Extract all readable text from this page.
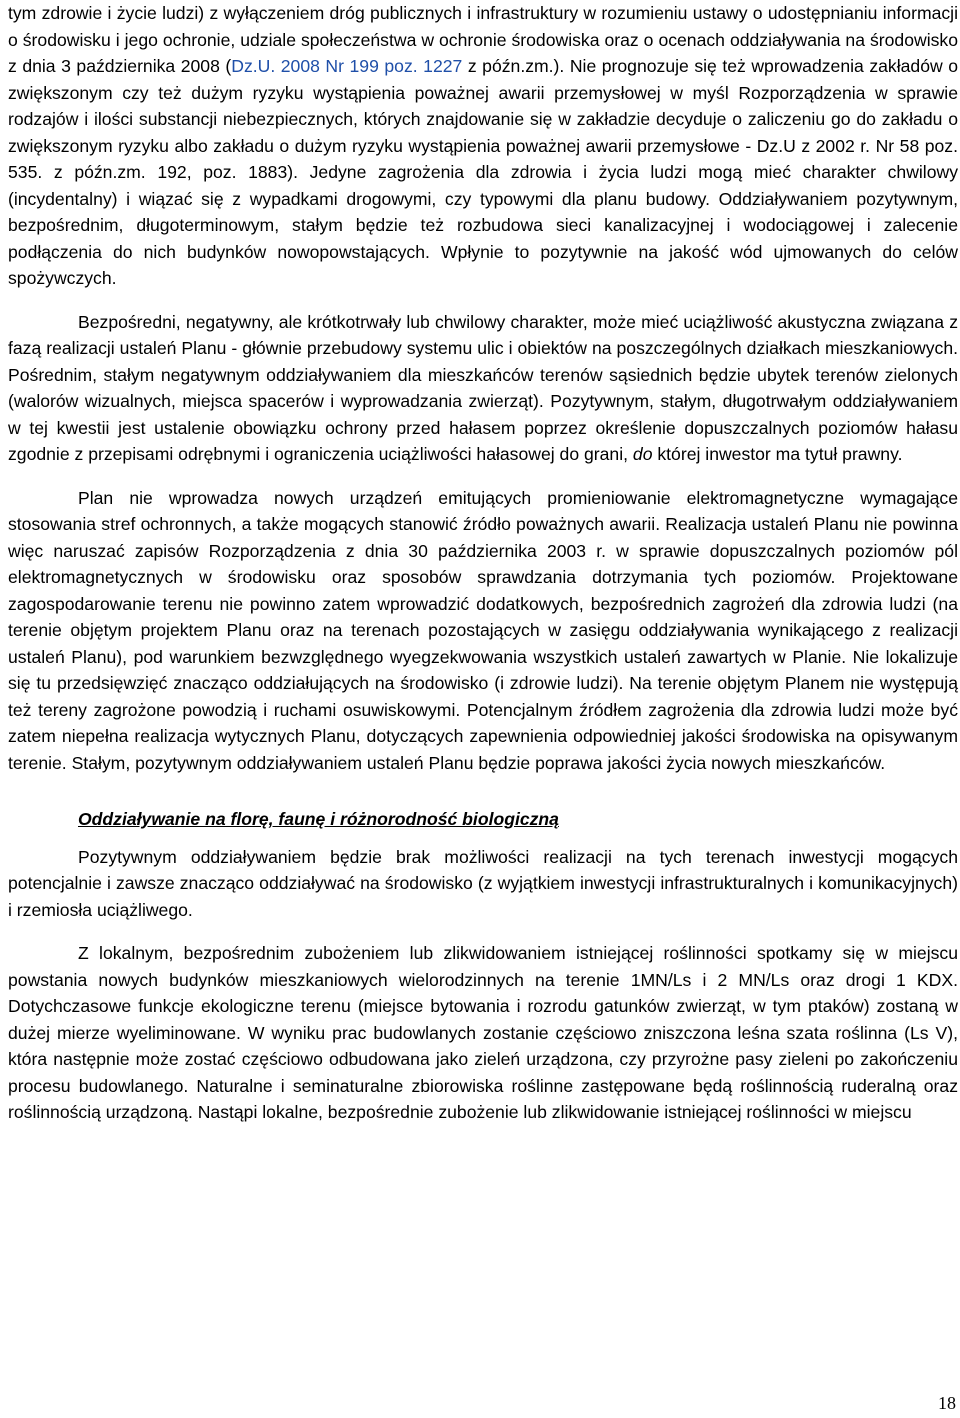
tym zdrowie i życie ludzi) z wyłączeniem dróg publicznych i infrastruktury w rozumieniu ustawy o udostępnianiu informacji o środowisku i jego ochronie, udziale społeczeństwa w ochronie środowiska oraz o ocenach oddziaływania na środowisko z dnia 3 października 2008 (Dz.U. 2008 Nr 199 poz. 1227 z późn.zm.). Nie prognozuje się też wprowadzenia zakładów o zwiększonym czy też dużym ryzyku wystąpienia poważnej awarii przemysłowej w myśl Rozporządzenia w sprawie rodzajów i ilości substancji niebezpiecznych, których znajdowanie się w zakładzie decyduje o zaliczeniu go do zakładu o zwiększonym ryzyku albo zakładu o dużym ryzyku wystąpienia poważnej awarii przemysłowe - Dz.U z 2002 r. Nr 58 poz. 535. z późn.zm. 192, poz. 1883). Jedyne zagrożenia dla zdrowia i życia ludzi mogą mieć charakter chwilowy (incydentalny) i wiązać się z wypadkami drogowymi, czy typowymi dla planu budowy. Oddziaływaniem pozytywnym, bezpośrednim, długoterminowym, stałym będzie też rozbudowa sieci kanalizacyjnej i wodociągowej i zalecenie podłączenia do nich budynków nowopowstających. Wpłynie to pozytywnie na jakość wód ujmowanych do celów spożywczych.

Bezpośredni, negatywny, ale krótkotrwały lub chwilowy charakter, może mieć uciążliwość akustyczna związana z fazą realizacji ustaleń Planu - głównie przebudowy systemu ulic i obiektów na poszczególnych działkach mieszkaniowych. Pośrednim, stałym negatywnym oddziaływaniem dla mieszkańców terenów sąsiednich będzie ubytek terenów zielonych (walorów wizualnych, miejsca spacerów i wyprowadzania zwierząt). Pozytywnym, stałym, długotrwałym oddziaływaniem w tej kwestii jest ustalenie obowiązku ochrony przed hałasem poprzez określenie dopuszczalnych poziomów hałasu zgodnie z przepisami odrębnymi i ograniczenia uciążliwości hałasowej do grani, do której inwestor ma tytuł prawny.

Plan nie wprowadza nowych urządzeń emitujących promieniowanie elektromagnetyczne wymagające stosowania stref ochronnych, a także mogących stanowić źródło poważnych awarii. Realizacja ustaleń Planu nie powinna więc naruszać zapisów Rozporządzenia z dnia 30 października 2003 r. w sprawie dopuszczalnych poziomów pól elektromagnetycznych w środowisku oraz sposobów sprawdzania dotrzymania tych poziomów. Projektowane zagospodarowanie terenu nie powinno zatem wprowadzić dodatkowych, bezpośrednich zagrożeń dla zdrowia ludzi (na terenie objętym projektem Planu oraz na terenach pozostających w zasięgu oddziaływania wynikającego z realizacji ustaleń Planu), pod warunkiem bezwzględnego wyegzekwowania wszystkich ustaleń zawartych w Planie. Nie lokalizuje się tu przedsięwzięć znacząco oddziałujących na środowisko (i zdrowie ludzi). Na terenie objętym Planem nie występują też tereny zagrożone powodzią i ruchami osuwiskowymi. Potencjalnym źródłem zagrożenia dla zdrowia ludzi może być zatem niepełna realizacja wytycznych Planu, dotyczących zapewnienia odpowiedniej jakości środowiska na opisywanym terenie. Stałym, pozytywnym oddziaływaniem ustaleń Planu będzie poprawa jakości życia nowych mieszkańców.

Oddziaływanie na florę, faunę i różnorodność biologiczną

Pozytywnym oddziaływaniem będzie brak możliwości realizacji na tych terenach inwestycji mogących potencjalnie i zawsze znacząco oddziaływać na środowisko (z wyjątkiem inwestycji infrastrukturalnych i komunikacyjnych) i rzemiosła uciążliwego.

Z lokalnym, bezpośrednim zubożeniem lub zlikwidowaniem istniejącej roślinności spotkamy się w miejscu powstania nowych budynków mieszkaniowych wielorodzinnych na terenie 1MN/Ls i 2 MN/Ls oraz drogi 1 KDX. Dotychczasowe funkcje ekologiczne terenu (miejsce bytowania i rozrodu gatunków zwierząt, w tym ptaków) zostaną w dużej mierze wyeliminowane. W wyniku prac budowlanych zostanie częściowo zniszczona leśna szata roślinna (Ls V), która następnie może zostać częściowo odbudowana jako zieleń urządzona, czy przyrożne pasy zieleni po zakończeniu procesu budowlanego. Naturalne i seminaturalne zbiorowiska roślinne zastępowane będą roślinnością ruderalną oraz roślinnością urządzoną. Nastąpi lokalne, bezpośrednie zubożenie lub zlikwidowanie istniejącej roślinności w miejscu

18
